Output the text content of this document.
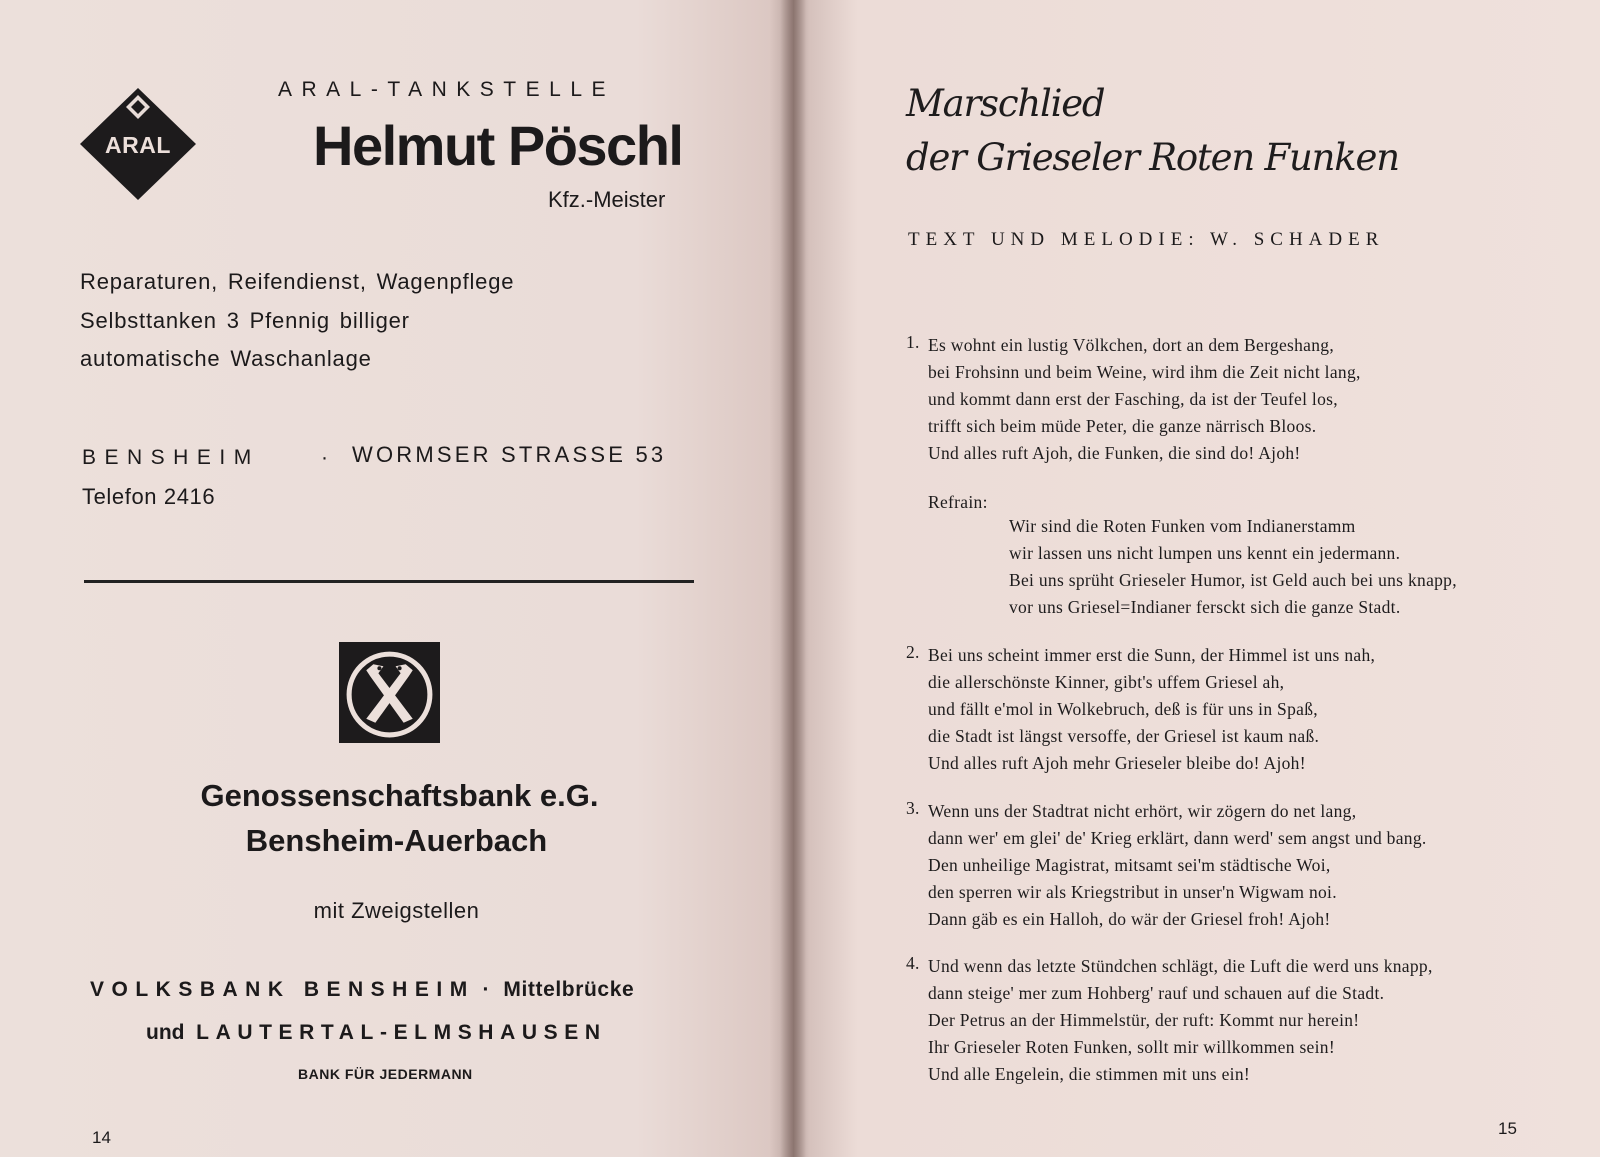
ARAL
ARAL-TANKSTELLE
Helmut Pöschl
Kfz.-Meister
Reparaturen, Reifendienst, Wagenpflege
Selbsttanken 3 Pfennig billiger
automatische Waschanlage
BENSHEIM	· WORMSER STRASSE 53
Telefon 2416
Genossenschaftsbank e.G.
Bensheim-Auerbach
mit Zweigstellen
VOLKSBANK BENSHEIM · Mittelbrücke
und LAUTERTAL-ELMSHAUSEN
BANK FÜR JEDERMANN
14
Marschlied
der Grieseler Roten Funken
TEXT UND MELODIE: W. SCHADER
1. Es wohnt ein lustig Völkchen, dort an dem Bergeshang,
bei Frohsinn und beim Weine, wird ihm die Zeit nicht lang,
und kommt dann erst der Fasching, da ist der Teufel los,
trifft sich beim müde Peter, die ganze närrisch Bloos.
Und alles ruft Ajoh, die Funken, die sind do! Ajoh!
Refrain:
Wir sind die Roten Funken vom Indianerstamm
wir lassen uns nicht lumpen uns kennt ein jedermann.
Bei uns sprüht Grieseler Humor, ist Geld auch bei uns knapp,
vor uns Griesel=Indianer fersckt sich die ganze Stadt.
2. Bei uns scheint immer erst die Sunn, der Himmel ist uns nah,
die allerschönste Kinner, gibt's uffem Griesel ah,
und fällt e'mol in Wolkebruch, deß is für uns in Spaß,
die Stadt ist längst versoffe, der Griesel ist kaum naß.
Und alles ruft Ajoh mehr Grieseler bleibe do! Ajoh!
3. Wenn uns der Stadtrat nicht erhört, wir zögern do net lang,
dann wer' em glei' de' Krieg erklärt, dann werd' sem angst und bang.
Den unheilige Magistrat, mitsamt sei'm städtische Woi,
den sperren wir als Kriegstribut in unser'n Wigwam noi.
Dann gäb es ein Halloh, do wär der Griesel froh! Ajoh!
4. Und wenn das letzte Stündchen schlägt, die Luft die werd uns knapp,
dann steige' mer zum Hohberg' rauf und schauen auf die Stadt.
Der Petrus an der Himmelstür, der ruft: Kommt nur herein!
Ihr Grieseler Roten Funken, sollt mir willkommen sein!
Und alle Engelein, die stimmen mit uns ein!
15
